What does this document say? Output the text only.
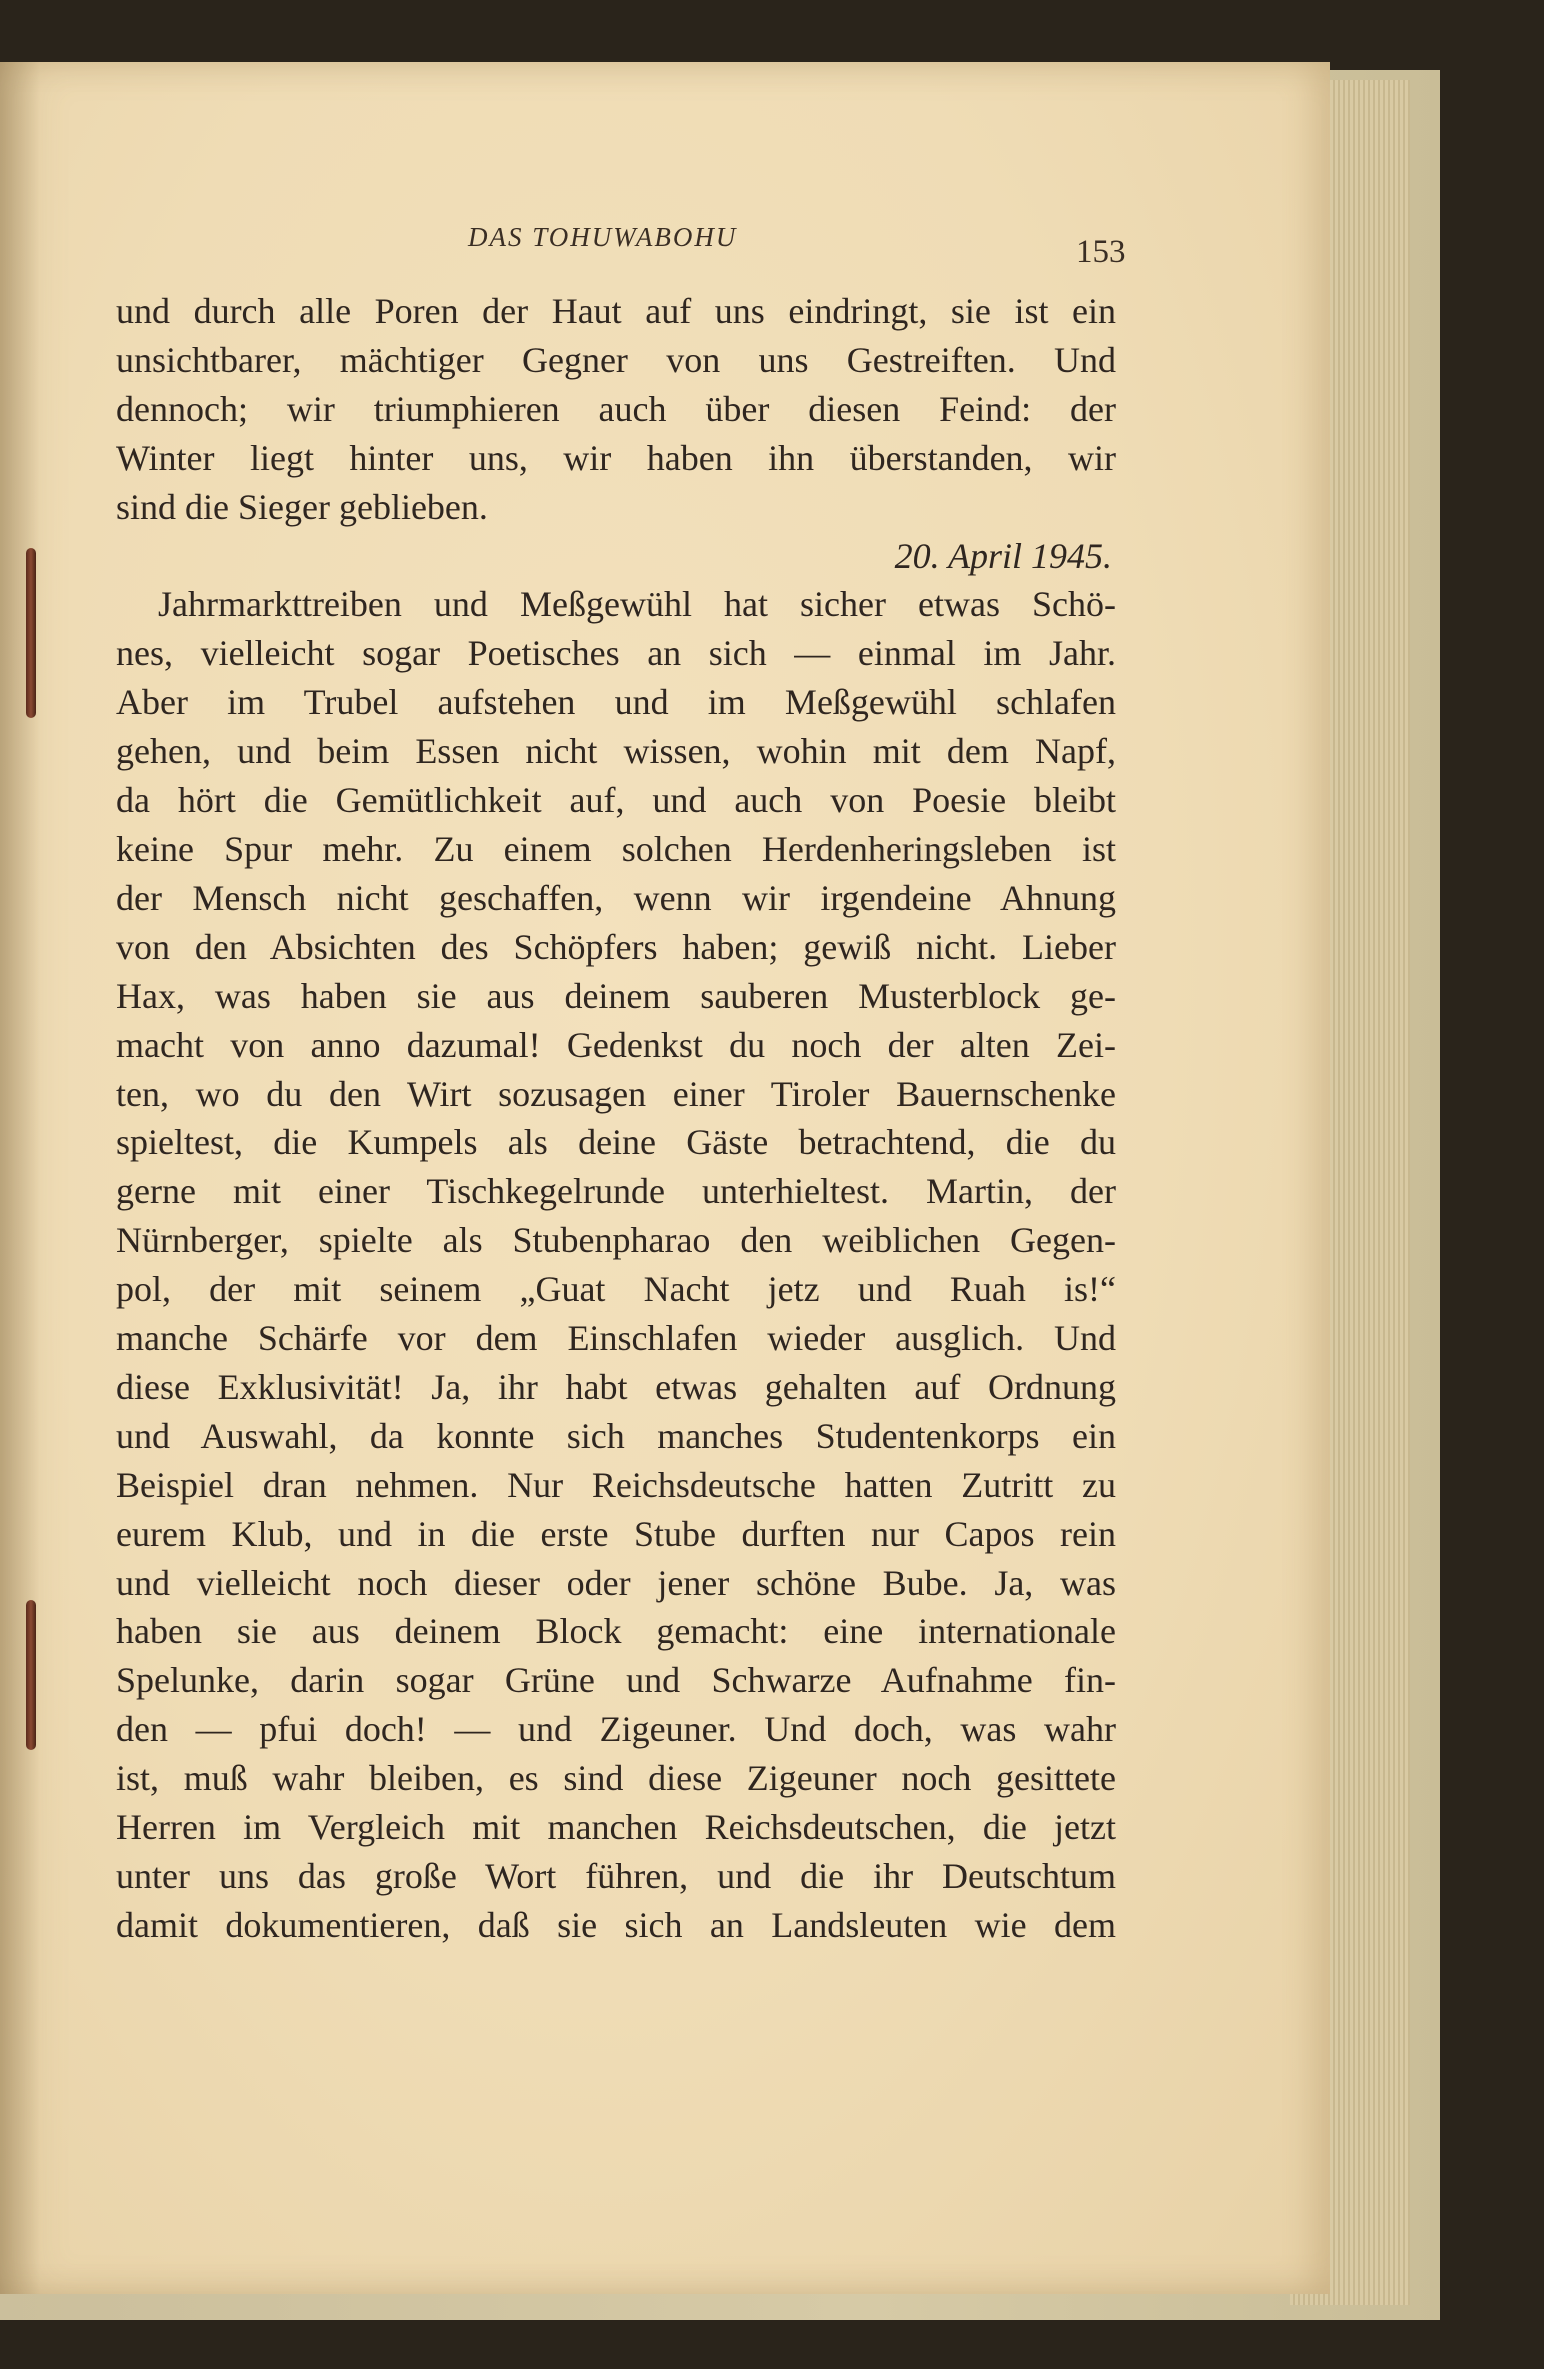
DAS TOHUWABOHU	153
und durch alle Poren der Haut auf uns eindringt, sie ist ein
unsichtbarer, mächtiger Gegner von uns Gestreiften. Und
dennoch; wir triumphieren auch über diesen Feind: der
Winter liegt hinter uns, wir haben ihn überstanden, wir
sind die Sieger geblieben.
20. April 1945.
Jahrmarkttreiben und Meßgewühl hat sicher etwas Schö-
nes, vielleicht sogar Poetisches an sich — einmal im Jahr.
Aber im Trubel aufstehen und im Meßgewühl schlafen
gehen, und beim Essen nicht wissen, wohin mit dem Napf,
da hört die Gemütlichkeit auf, und auch von Poesie bleibt
keine Spur mehr. Zu einem solchen Herdenheringsleben ist
der Mensch nicht geschaffen, wenn wir irgendeine Ahnung
von den Absichten des Schöpfers haben; gewiß nicht. Lieber
Hax, was haben sie aus deinem sauberen Musterblock ge-
macht von anno dazumal! Gedenkst du noch der alten Zei-
ten, wo du den Wirt sozusagen einer Tiroler Bauernschenke
spieltest, die Kumpels als deine Gäste betrachtend, die du
gerne mit einer Tischkegelrunde unterhieltest. Martin, der
Nürnberger, spielte als Stubenpharao den weiblichen Gegen-
pol, der mit seinem „Guat Nacht jetz und Ruah is!“
manche Schärfe vor dem Einschlafen wieder ausglich. Und
diese Exklusivität! Ja, ihr habt etwas gehalten auf Ordnung
und Auswahl, da konnte sich manches Studentenkorps ein
Beispiel dran nehmen. Nur Reichsdeutsche hatten Zutritt zu
eurem Klub, und in die erste Stube durften nur Capos rein
und vielleicht noch dieser oder jener schöne Bube. Ja, was
haben sie aus deinem Block gemacht: eine internationale
Spelunke, darin sogar Grüne und Schwarze Aufnahme fin-
den — pfui doch! — und Zigeuner. Und doch, was wahr
ist, muß wahr bleiben, es sind diese Zigeuner noch gesittete
Herren im Vergleich mit manchen Reichsdeutschen, die jetzt
unter uns das große Wort führen, und die ihr Deutschtum
damit dokumentieren, daß sie sich an Landsleuten wie dem
